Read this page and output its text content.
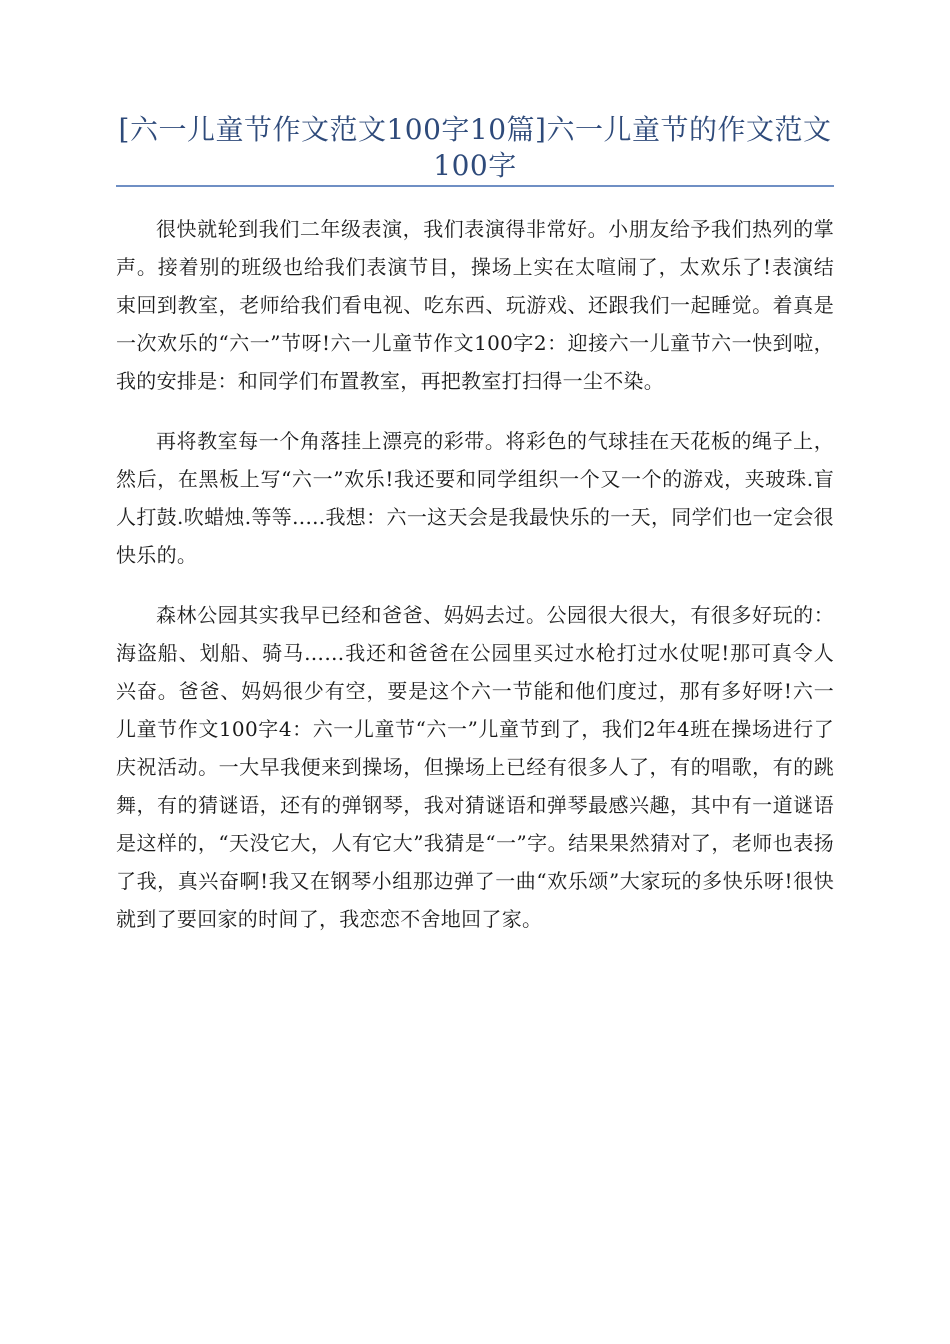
[六一儿童节作文范文100字10篇]六一儿童节的作文范文100字

很快就轮到我们二年级表演，我们表演得非常好。小朋友给予我们热列的掌声。接着别的班级也给我们表演节目，操场上实在太喧闹了，太欢乐了!表演结束回到教室，老师给我们看电视、吃东西、玩游戏、还跟我们一起睡觉。着真是一次欢乐的“六一”节呀!六一儿童节作文100字2：迎接六一儿童节六一快到啦，我的安排是：和同学们布置教室，再把教室打扫得一尘不染。

再将教室每一个角落挂上漂亮的彩带。将彩色的气球挂在天花板的绳子上，然后，在黑板上写“六一”欢乐!我还要和同学组织一个又一个的游戏，夹玻珠.盲人打鼓.吹蜡烛.等等.....我想：六一这天会是我最快乐的一天，同学们也一定会很快乐的。

森林公园其实我早已经和爸爸、妈妈去过。公园很大很大，有很多好玩的：海盗船、划船、骑马……我还和爸爸在公园里买过水枪打过水仗呢!那可真令人兴奋。爸爸、妈妈很少有空，要是这个六一节能和他们度过，那有多好呀!六一儿童节作文100字4：六一儿童节“六一”儿童节到了，我们2年4班在操场进行了庆祝活动。一大早我便来到操场，但操场上已经有很多人了，有的唱歌，有的跳舞，有的猜谜语，还有的弹钢琴，我对猜谜语和弹琴最感兴趣，其中有一道谜语是这样的，“天没它大，人有它大”我猜是“一”字。结果果然猜对了，老师也表扬了我，真兴奋啊!我又在钢琴小组那边弹了一曲“欢乐颂”大家玩的多快乐呀!很快就到了要回家的时间了，我恋恋不舍地回了家。
